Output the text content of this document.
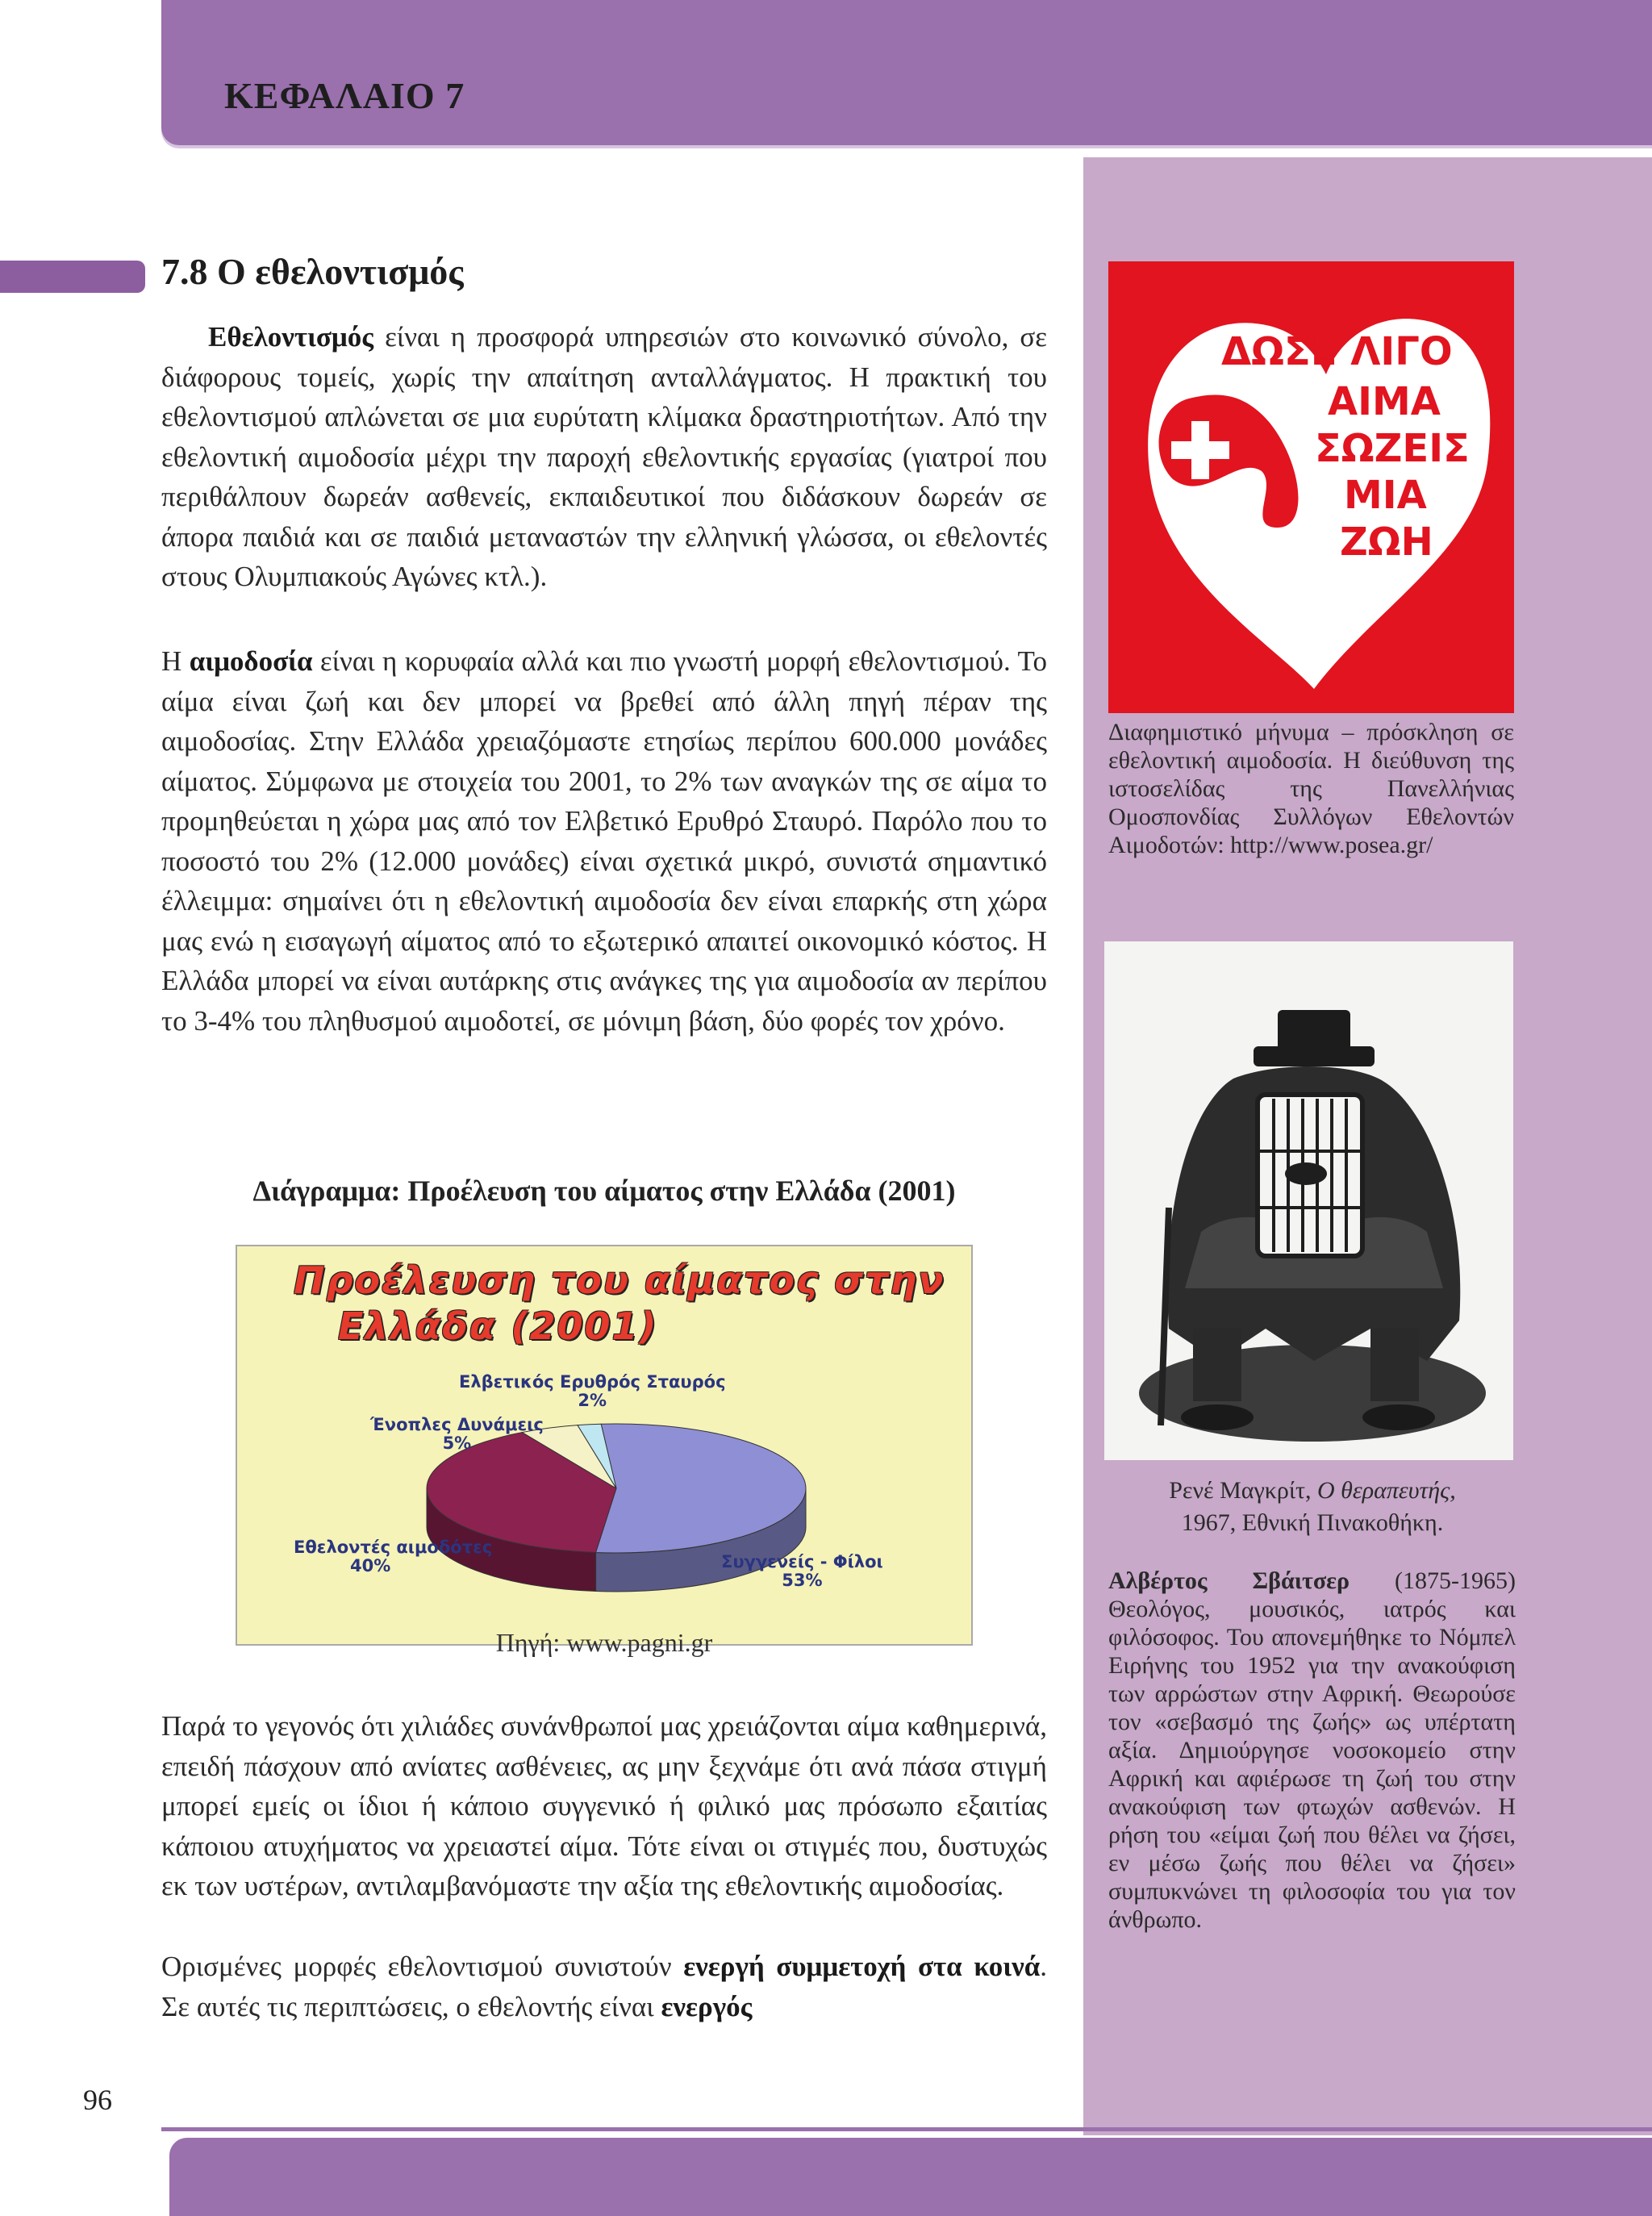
ΚΕΦΑΛΑΙΟ 7
7.8 Ο εθελοντισμός
Εθελοντισμός είναι η προσφορά υπηρεσιών στο κοινωνικό σύνολο, σε διάφορους τομείς, χωρίς την απαίτηση ανταλλάγματος. Η πρακτική του εθελοντισμού απλώνεται σε μια ευρύτατη κλίμακα δραστηριοτήτων. Από την εθελοντική αιμοδοσία μέχρι την παροχή εθελοντικής εργασίας (γιατροί που περιθάλπουν δωρεάν ασθενείς, εκπαιδευτικοί που διδάσκουν δωρεάν σε άπορα παιδιά και σε παιδιά μεταναστών την ελληνική γλώσσα, οι εθελοντές στους Ολυμπιακούς Αγώνες κτλ.).
Η αιμοδοσία είναι η κορυφαία αλλά και πιο γνωστή μορφή εθελοντισμού. Το αίμα είναι ζωή και δεν μπορεί να βρεθεί από άλλη πηγή πέραν της αιμοδοσίας. Στην Ελλάδα χρειαζόμαστε ετησίως περίπου 600.000 μονάδες αίματος. Σύμφωνα με στοιχεία του 2001, το 2% των αναγκών της σε αίμα το προμηθεύεται η χώρα μας από τον Ελβετικό Ερυθρό Σταυρό. Παρόλο που το ποσοστό του 2% (12.000 μονάδες) είναι σχετικά μικρό, συνιστά σημαντικό έλλειμμα: σημαίνει ότι η εθελοντική αιμοδοσία δεν είναι επαρκής στη χώρα μας ενώ η εισαγωγή αίματος από το εξωτερικό απαιτεί οικονομικό κόστος. Η Ελλάδα μπορεί να είναι αυτάρκης στις ανάγκες της για αιμοδοσία αν περίπου το 3-4% του πληθυσμού αιμοδοτεί, σε μόνιμη βάση, δύο φορές τον χρόνο.
Διάγραμμα: Προέλευση του αίματος στην Ελλάδα (2001)
Προέλευση του αίματος στην
Ελλάδα (2001)
Ελβετικός Ερυθρός Σταυρός
2%
Ένοπλες Δυνάμεις
5%
Εθελοντές αιμοδότες
40%	Συγγενείς - Φίλοι
53%
Πηγή: www.pagni.gr
Παρά το γεγονός ότι χιλιάδες συνάνθρωποί μας χρειάζονται αίμα καθημερινά, επειδή πάσχουν από ανίατες ασθένειες, ας μην ξεχνάμε ότι ανά πάσα στιγμή μπορεί εμείς οι ίδιοι ή κάποιο συγγενικό ή φιλικό μας πρόσωπο εξαιτίας κάποιου ατυχήματος να χρειαστεί αίμα. Τότε είναι οι στιγμές που, δυστυχώς εκ των υστέρων, αντιλαμβανόμαστε την αξία της εθελοντικής αιμοδοσίας.
Ορισμένες μορφές εθελοντισμού συνιστούν ενεργή συμμετοχή στα κοινά. Σε αυτές τις περιπτώσεις, ο εθελοντής είναι ενεργός
ΔΩΣΕ ΛΙΓΟ
ΑΙΜΑ
ΣΩΖΕΙΣ
ΜΙΑ
ΖΩΗ
Διαφημιστικό μήνυμα – πρόσκληση σε εθελοντική αιμοδοσία. Η διεύθυνση της ιστοσελίδας της Πανελλήνιας Ομοσπονδίας Συλλόγων Εθελοντών Αιμοδοτών: http://www.posea.gr/
Ρενέ Μαγκρίτ, Ο θεραπευτής,
1967, Εθνική Πινακοθήκη.
Αλβέρτος Σβάιτσερ (1875-1965) Θεολόγος, μουσικός, ιατρός και φιλόσοφος. Του απονεμήθηκε το Νόμπελ Ειρήνης του 1952 για την ανακούφιση των αρρώστων στην Αφρική. Θεωρούσε τον «σεβασμό της ζωής» ως υπέρτατη αξία. Δημιούργησε νοσοκομείο στην Αφρική και αφιέρωσε τη ζωή του στην ανακούφιση των φτωχών ασθενών. Η ρήση του «είμαι ζωή που θέλει να ζήσει, εν μέσω ζωής που θέλει να ζήσει» συμπυκνώνει τη φιλοσοφία του για τον άνθρωπο.
96
